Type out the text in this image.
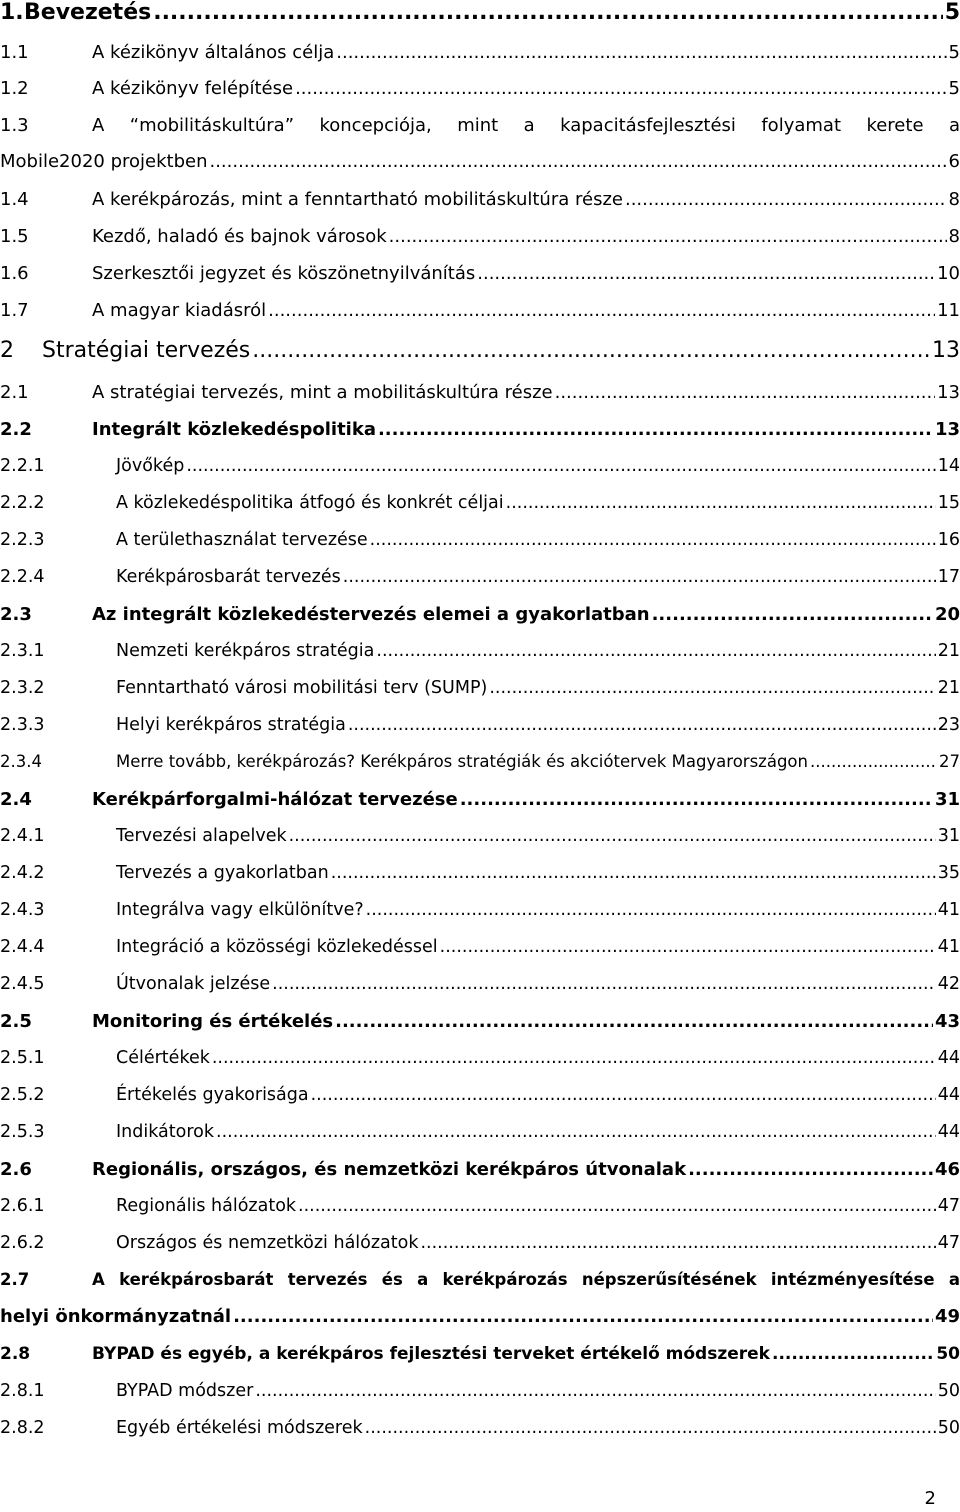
1. Bevezetés .....	5
1.1	A kézikönyv általános célja .....	5
1.2	A kézikönyv felépítése .....	5
1.3	A “mobilitáskultúra” koncepciója, mint a kapacitásfejlesztési folyamat kerete a
Mobile2020 projektben .....	6
1.4	A kerékpározás, mint a fenntartható mobilitáskultúra része .....	8
1.5	Kezdő, haladó és bajnok városok .....	8
1.6	Szerkesztői jegyzet és köszönetnyilvánítás .....	10
1.7	A magyar kiadásról .....	11
2	Stratégiai tervezés .....	13
2.1	A stratégiai tervezés, mint a mobilitáskultúra része .....	13
2.2	Integrált közlekedéspolitika .....	13
2.2.1	Jövőkép .....	14
2.2.2	A közlekedéspolitika átfogó és konkrét céljai .....	15
2.2.3	A területhasználat tervezése .....	16
2.2.4	Kerékpárosbarát tervezés .....	17
2.3	Az integrált közlekedéstervezés elemei a gyakorlatban .....	20
2.3.1	Nemzeti kerékpáros stratégia .....	21
2.3.2	Fenntartható városi mobilitási terv (SUMP) .....	21
2.3.3	Helyi kerékpáros stratégia .....	23
2.3.4	Merre tovább, kerékpározás? Kerékpáros stratégiák és akciótervek Magyarországon .....	27
2.4	Kerékpárforgalmi-hálózat tervezése .....	31
2.4.1	Tervezési alapelvek .....	31
2.4.2	Tervezés a gyakorlatban .....	35
2.4.3	Integrálva vagy elkülönítve? .....	41
2.4.4	Integráció a közösségi közlekedéssel .....	41
2.4.5	Útvonalak jelzése .....	42
2.5	Monitoring és értékelés .....	43
2.5.1	Célértékek .....	44
2.5.2	Értékelés gyakorisága .....	44
2.5.3	Indikátorok .....	44
2.6	Regionális, országos, és nemzetközi kerékpáros útvonalak .....	46
2.6.1	Regionális hálózatok .....	47
2.6.2	Országos és nemzetközi hálózatok .....	47
2.7	A kerékpárosbarát tervezés és a kerékpározás népszerűsítésének intézményesítése a
helyi önkormányzatnál .....	49
2.8	BYPAD és egyéb, a kerékpáros fejlesztési terveket értékelő módszerek .....	50
2.8.1	BYPAD módszer .....	50
2.8.2	Egyéb értékelési módszerek .....	50
2
